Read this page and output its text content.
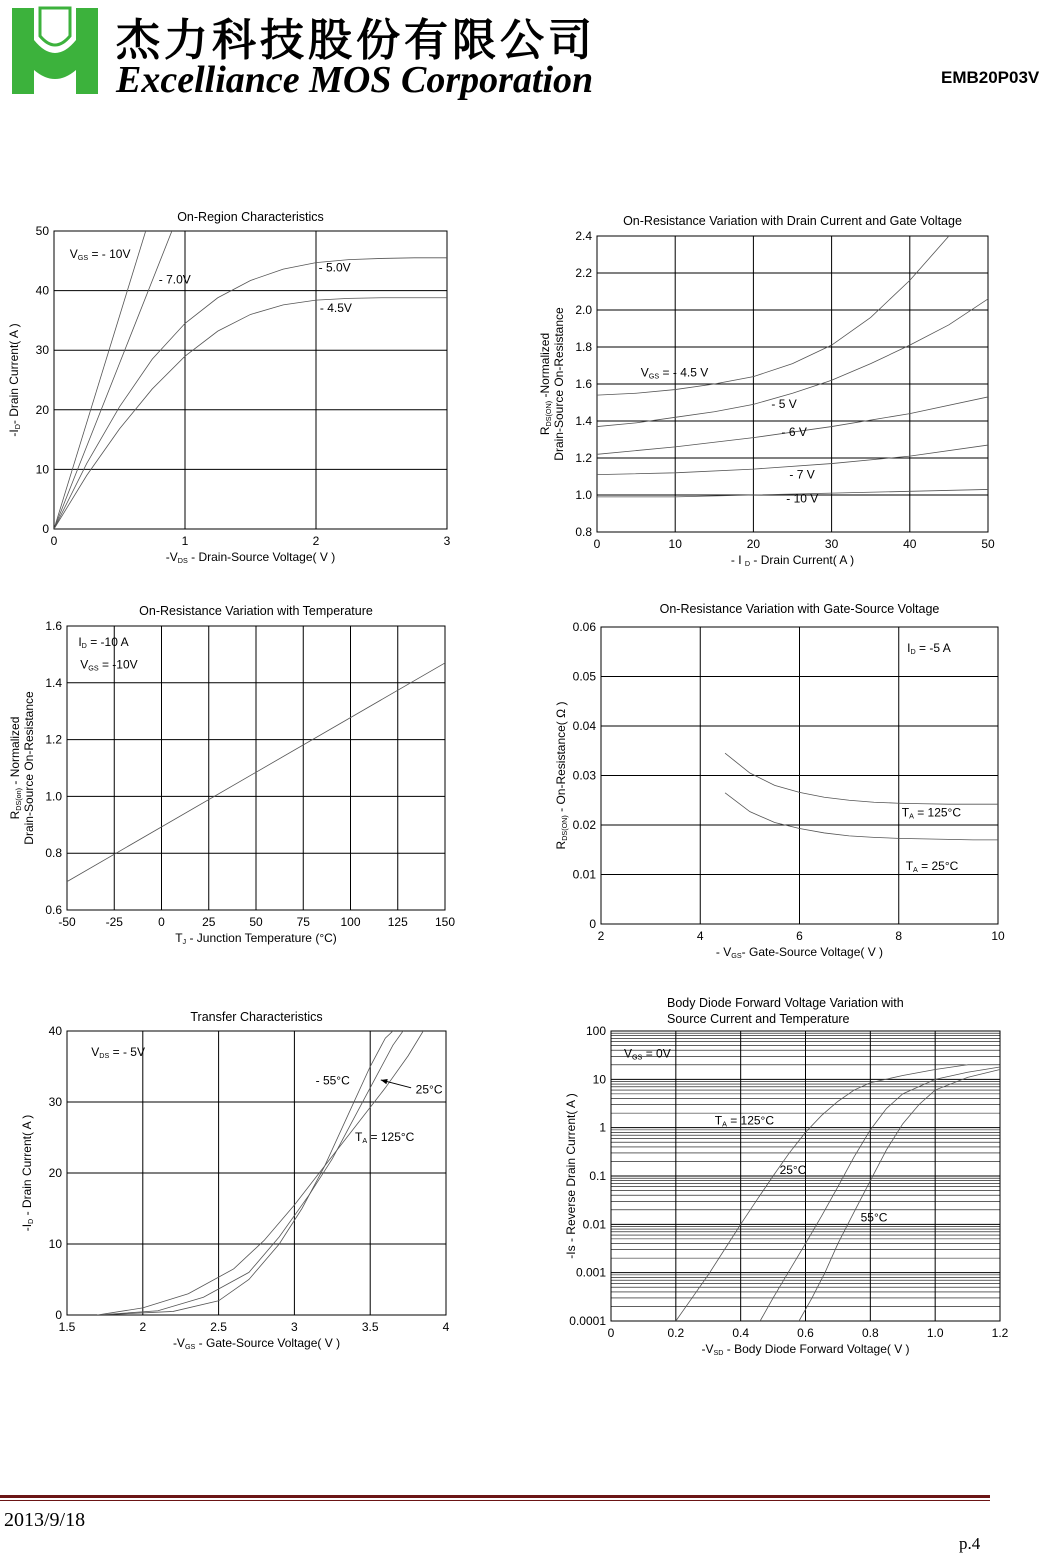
杰力科技股份有限公司
Excelliance MOS Corporation	EMB20P03V
On-Region Characteristics
0	1	2	3
0
10
20
30
40
50
VGS = - 10V
- 7.0V
- 5.0V
- 4.5V
-VDS - Drain-Source Voltage( V )
-ID- Drain Current( A )
On-Resistance Variation with Drain Current and Gate Voltage
0	10	20	30	40	50
0.8
1.0
1.2
1.4
1.6
1.8
2.0
2.2
2.4
VGS = - 4.5 V
- 5 V
- 6 V
- 7 V
- 10 V
- I D - Drain Current( A )
RDS(ON) -Normalized Drain-Source On-Resistance
On-Resistance Variation with Temperature
-50 -25	0	25	50	75	100 125 150
0.6
0.8
1.0
1.2
1.4
1.6
ID = -10 A
VGS = -10V
TJ - Junction Temperature (°C)
RDS(on) - Normalized Drain-Source On-Resistance
On-Resistance Variation with Gate-Source Voltage
2	4	6	8	10
0
0.01
0.02
0.03
0.04
0.05
0.06
ID = -5 A
TA = 125°C
TA = 25°C
- VGS- Gate-Source Voltage( V )
RDS(ON) - On-Resistance( Ω )
Transfer Characteristics
1.5	2	2.5	3	3.5	4
0
10
20
30
40
VDS = - 5V
- 55°C
25°C
TA = 125°C
-VGS - Gate-Source Voltage( V )
-ID - Drain Current( A )
Body Diode Forward Voltage Variation with
Source Current and Temperature
0	0.2	0.4	0.6	0.8	1.0	1.2
0.0001
0.001
0.01
0.1
1
10
100
VGS = 0V
TA = 125°C
25°C
55°C
-VSD - Body Diode Forward Voltage( V )
-Is - Reverse Drain Current( A )
2013/9/18
p.4
